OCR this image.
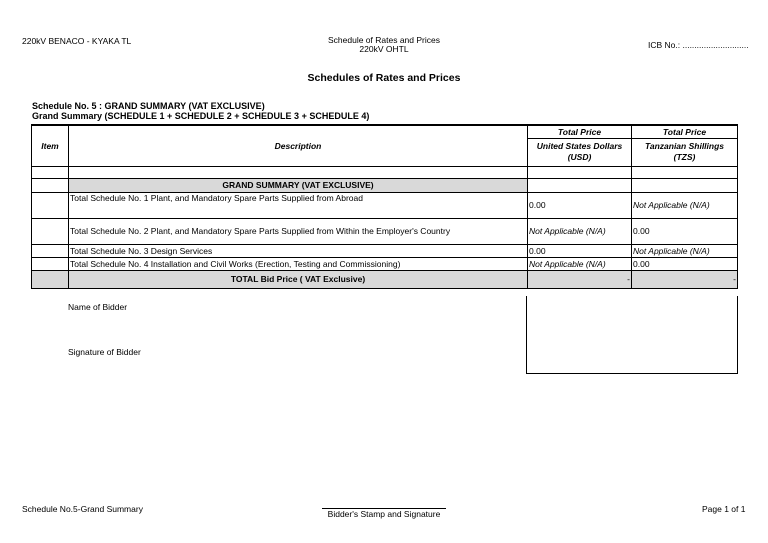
220kV BENACO - KYAKA TL	Schedule of Rates and Prices
220kV OHTL	ICB No.: ............................
Schedules of Rates and Prices
Schedule No. 5 : GRAND SUMMARY (VAT EXCLUSIVE)
Grand Summary (SCHEDULE 1 + SCHEDULE 2 + SCHEDULE 3 + SCHEDULE 4)
Item	Description	Total Price	Total Price
		United States Dollars (USD)	Tanzanian Shillings (TZS)

	GRAND SUMMARY (VAT EXCLUSIVE)		
	Total Schedule No. 1 Plant, and Mandatory Spare Parts Supplied from Abroad	0.00	Not Applicable (N/A)
	Total Schedule No. 2 Plant, and Mandatory Spare Parts Supplied from Within the Employer's Country	Not Applicable (N/A)	0.00
	Total Schedule No. 3 Design Services	0.00	Not Applicable (N/A)
	Total Schedule No. 4 Installation and Civil Works (Erection, Testing and Commissioning)	Not Applicable (N/A)	0.00
	TOTAL Bid Price ( VAT Exclusive)	-	-
Name of Bidder
Signature of Bidder
Schedule No.5-Grand Summary	Bidder's Stamp and Signature	Page 1 of 1
